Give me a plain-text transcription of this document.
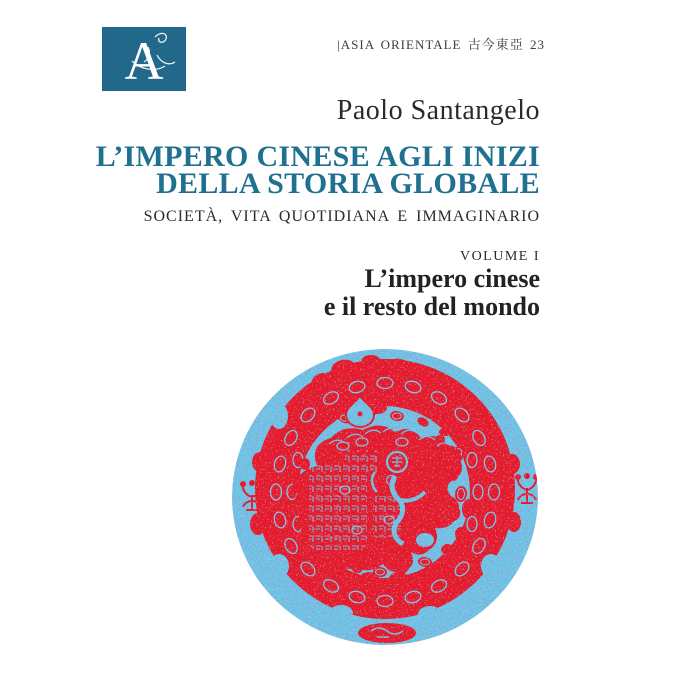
A	|ASIA ORIENTALE 古今東亞 23
Paolo Santangelo
L’IMPERO CINESE AGLI INIZI
DELLA STORIA GLOBALE
SOCIETÀ, VITA QUOTIDIANA E IMMAGINARIO
VOLUME I
L’impero cinese
e il resto del mondo
